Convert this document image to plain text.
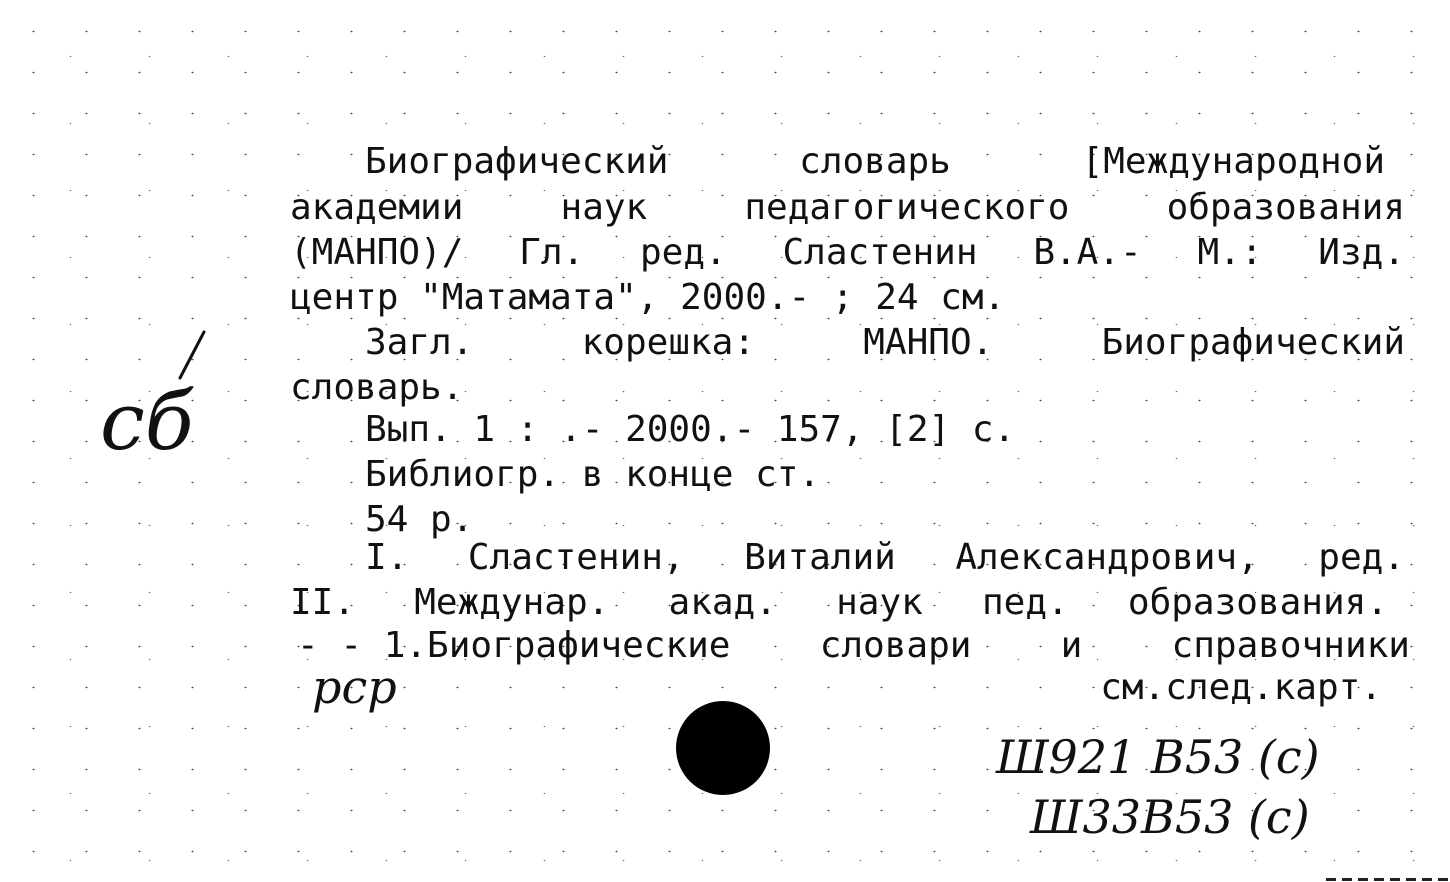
Биографический	словарь	[Международной
академии	наук	педагогического	образования
(МАНПО)/ Гл. ред. Сластенин В.А.- М.: Изд.

центр "Матамата", 2000.- ; 24 см.

Загл.	корешка:	МАНПО.	Биографический

словарь.

Вып. 1 : .- 2000.- 157, [2] с.

Библиогр. в конце ст.

54 р.

I. Сластенин, Виталий Александрович, ред.
II. Междунар. акад. наук пед. образования.
- - 1.Биографические словари и справочники

см.след.карт.

сб
рср
Ш921 В53 (с)
Ш33В53 (с)
